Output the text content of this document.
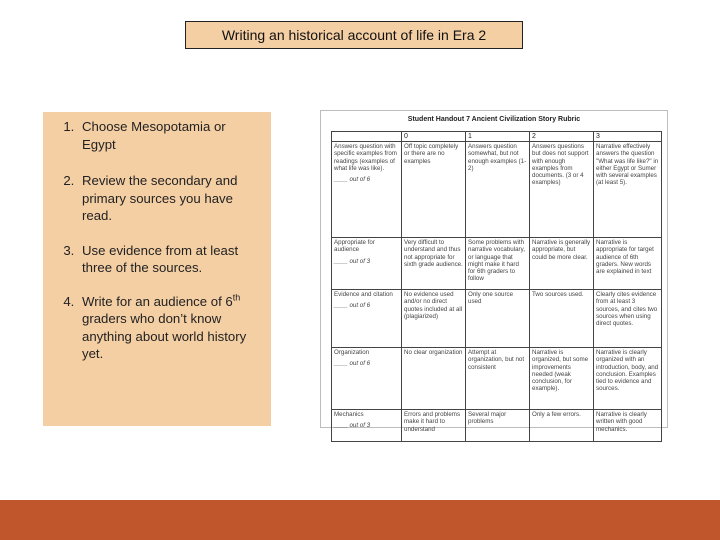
Writing an historical account of life in Era 2
1. Choose Mesopotamia or Egypt
2. Review the secondary and primary sources you have read.
3. Use evidence from at least three of the sources.
4. Write for an audience of 6th graders who don’t know anything about world history yet.
Student Handout 7 Ancient Civilization Story Rubric
	0	1	2	3

Answers question with specific examples from readings (examples of what life was like).
____ out of 6	Off topic completely or there are no examples	Answers question somewhat, but not enough examples (1-2)	Answers questions but does not support with enough examples from documents. (3 or 4 examples)	Narrative effectively answers the question "What was life like?" in either Egypt or Sumer with several examples (at least 5).

Appropriate for audience
____ out of 3	Very difficult to understand and thus not appropriate for sixth grade audience.	Some problems with narrative vocabulary, or language that might make it hard for 6th graders to follow	Narrative is generally appropriate, but could be more clear.	Narrative is appropriate for target audience of 6th graders. New words are explained in text

Evidence and citation
____ out of 6	No evidence used and/or no direct quotes included at all (plagiarized)	Only one source used	Two sources used.	Clearly cites evidence from at least 3 sources, and cites two sources when using direct quotes.

Organization
____ out of 6	No clear organization	Attempt at organization, but not consistent	Narrative is organized, but some improvements needed (weak conclusion, for example).	Narrative is clearly organized with an introduction, body, and conclusion. Examples tied to evidence and sources.

Mechanics
____ out of 3	Errors and problems make it hard to understand	Several major problems	Only a few errors.	Narrative is clearly written with good mechanics.
